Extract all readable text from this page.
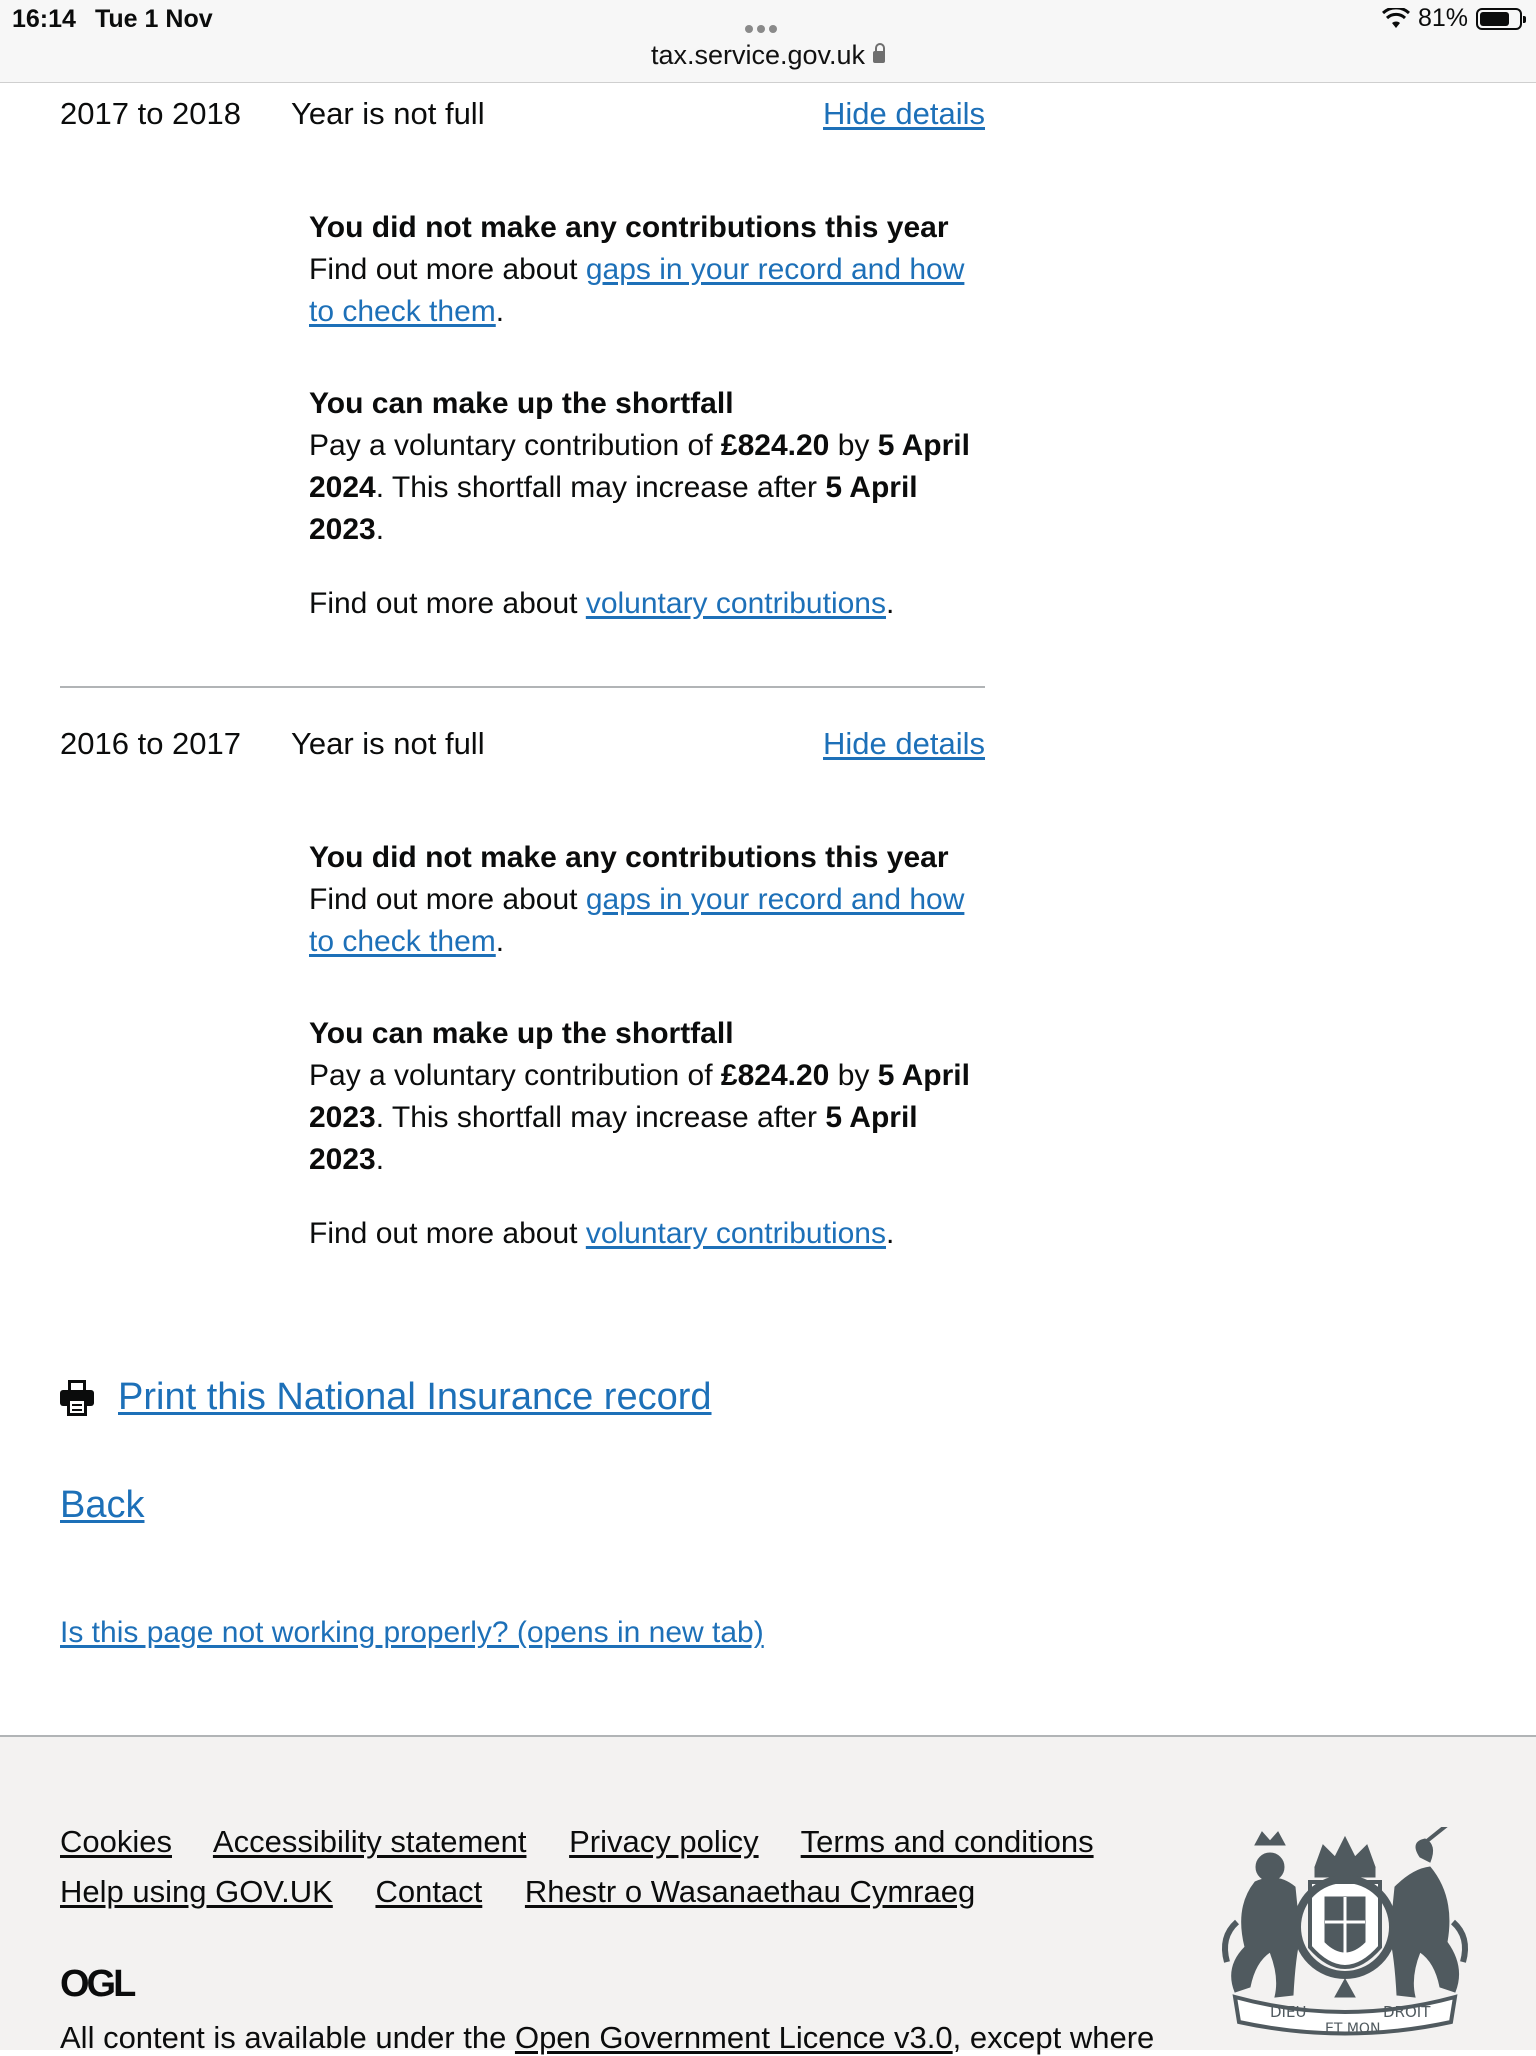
16:14 Tue 1 Nov	81%
tax.service.gov.uk
2017 to 2018 Year is not full	Hide details
You did not make any contributions this year

Find out more about gaps in your record and how to check them.

You can make up the shortfall

Pay a voluntary contribution of £824.20 by 5 April 2024. This shortfall may increase after 5 April 2023.

Find out more about voluntary contributions.

2016 to 2017 Year is not full	Hide details
You did not make any contributions this year

Find out more about gaps in your record and how to check them.

You can make up the shortfall

Pay a voluntary contribution of £824.20 by 5 April 2023. This shortfall may increase after 5 April 2023.

Find out more about voluntary contributions.

Print this National Insurance record
Back
Is this page not working properly? (opens in new tab)
Cookies Accessibility statement Privacy policy Terms and conditions
Help using GOV.UK Contact Rhestr o Wasanaethau Cymraeg
OGL
All content is available under the Open Government Licence v3.0, except where
DIEU
ET MON
DROIT
